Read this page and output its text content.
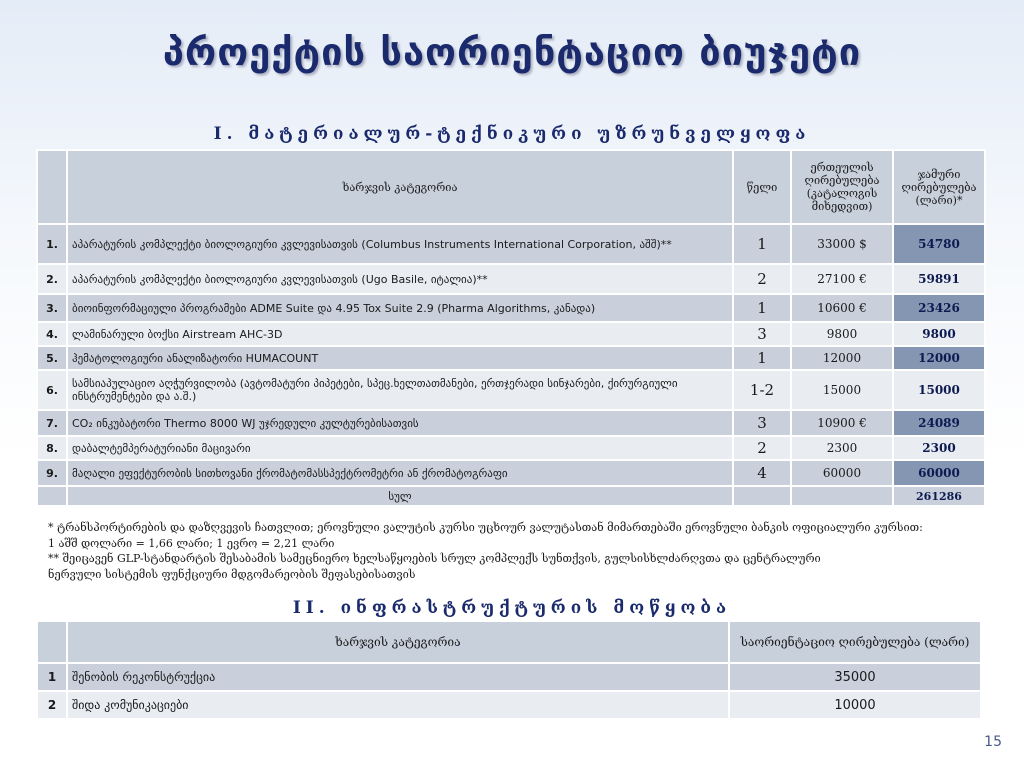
პროექტის საორიენტაციო ბიუჯეტი
I. მატერიალურ-ტექნიკური უზრუნველყოფა
	ხარჯვის კატეგორია	წელი	ერთეულის ღირებულება (კატალოგის მიხედვით)	ჯამური ღირებულება (ლარი)*
1.	აპარატურის კომპლექტი ბიოლოგიური კვლევისათვის (Columbus Instruments International Corporation, აშშ)**	1	33000 $	54780
2.	აპარატურის კომპლექტი ბიოლოგიური კვლევისათვის (Ugo Basile, იტალია)**	2	27100 €	59891
3.	ბიოინფორმაციული პროგრამები ADME Suite და 4.95 Tox Suite 2.9 (Pharma Algorithms, კანადა)	1	10600 €	23426
4.	ლამინარული ბოქსი Airstream AHC-3D	3	9800	9800
5.	ჰემატოლოგიური ანალიზატორი HUMACOUNT	1	12000	12000
6.	სამსიაპულაციო აღჭურვილობა (ავტომატური პიპეტები, სპეც.ხელთათმანები, ერთჯერადი სინჯარები, ქირურგიული ინსტრუმენტები და ა.შ.)	1-2	15000	15000
7.	CO₂ ინკუბატორი Thermo 8000 WJ უჯრედული კულტურებისათვის	3	10900 €	24089
8.	დაბალტემპერატურიანი მაცივარი	2	2300	2300
9.	მაღალი ეფექტურობის სითხოვანი ქრომატომასსპექტრომეტრი ან ქრომატოგრაფი	4	60000	60000
	სულ			261286
* ტრანსპორტირების და დაზღვევის ჩათვლით; ეროვნული ვალუტის კურსი უცხოურ ვალუტასთან მიმართებაში ეროვნული ბანკის ოფიციალური კურსით:
1 აშშ დოლარი = 1,66 ლარი; 1 ევრო = 2,21 ლარი
** შეიცავენ GLP-სტანდარტის შესაბამის სამეცნიერო ხელსაწყოების სრულ კომპლექს სუნთქვის, გულსისხლძარღვთა და ცენტრალური
ნერვული სისტემის ფუნქციური მდგომარეობის შეფასებისათვის
II. ინფრასტრუქტურის მოწყობა
	ხარჯვის კატეგორია	საორიენტაციო ღირებულება (ლარი)
1	შენობის რეკონსტრუქცია	35000
2	შიდა კომუნიკაციები	10000
15
